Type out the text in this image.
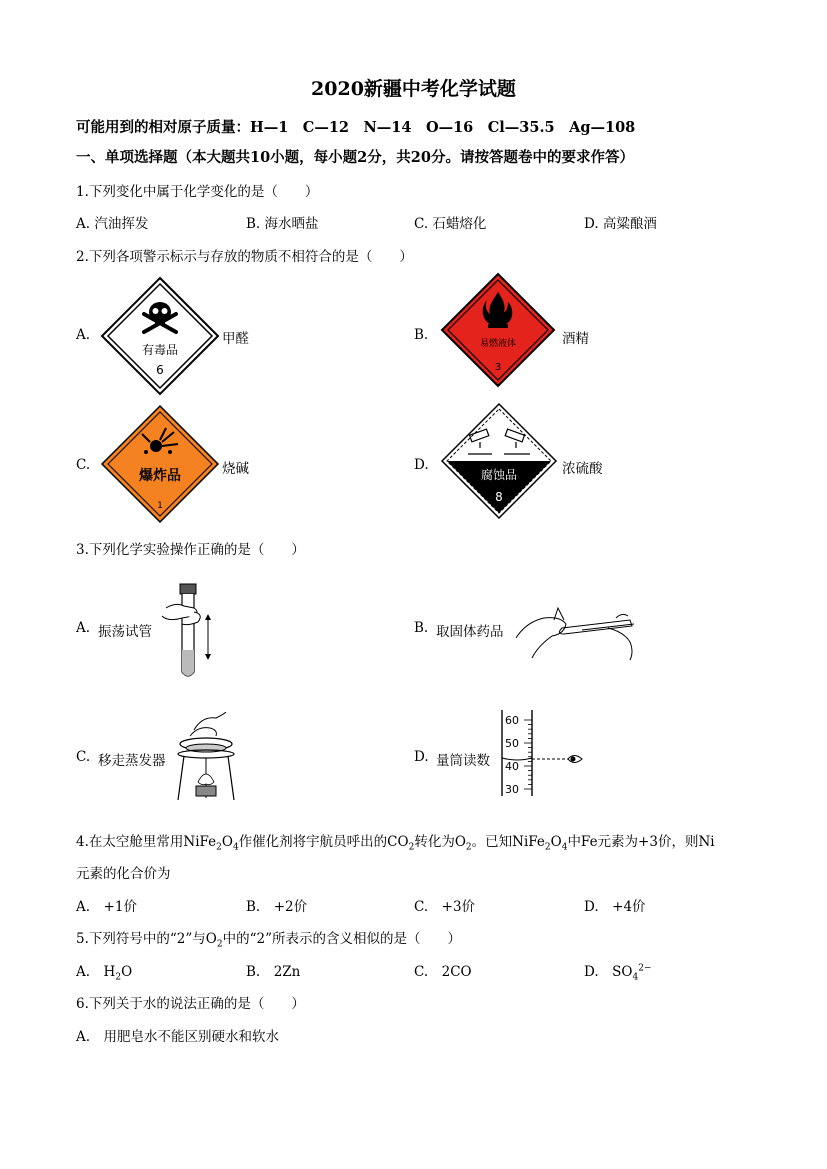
2020新疆中考化学试题
可能用到的相对原子质量：H—1　C—12　N—14　O—16　Cl—35.5　Ag—108
一、单项选择题（本大题共10小题，每小题2分，共20分。请按答题卷中的要求作答）
1.下列变化中属于化学变化的是（　　）
A. 汽油挥发	B. 海水晒盐	C. 石蜡熔化	D. 高粱酿酒
2.下列各项警示标示与存放的物质不相符合的是（　　）
A.
有毒品
6
甲醛	B.
易燃液体
3
酒精
C.
爆炸品
1
烧碱	D.
腐蚀品
8
浓硫酸
3.下列化学实验操作正确的是（　　）
A. 振荡试管	B. 取固体药品
C. 移走蒸发器	D. 量筒读数
60
50
40
30
4.在太空舱里常用$NiFe_2O_4$作催化剂将宇航员呼出的$CO_2$转化为$O_2$。已知$NiFe_2O_4$中Fe元素为+3价，则Ni
元素的化合价为
A.　+1价	B.　+2价	C.　+3价	D.　+4价
5.下列符号中的“2”与$O_2$中的“2”所表示的含义相似的是（　　）
A.　$H_2O$	B.　2Zn	C.　2CO	D.　$SO_4^{2-}$
6.下列关于水的说法正确的是（　　）
A.　用肥皂水不能区别硬水和软水
